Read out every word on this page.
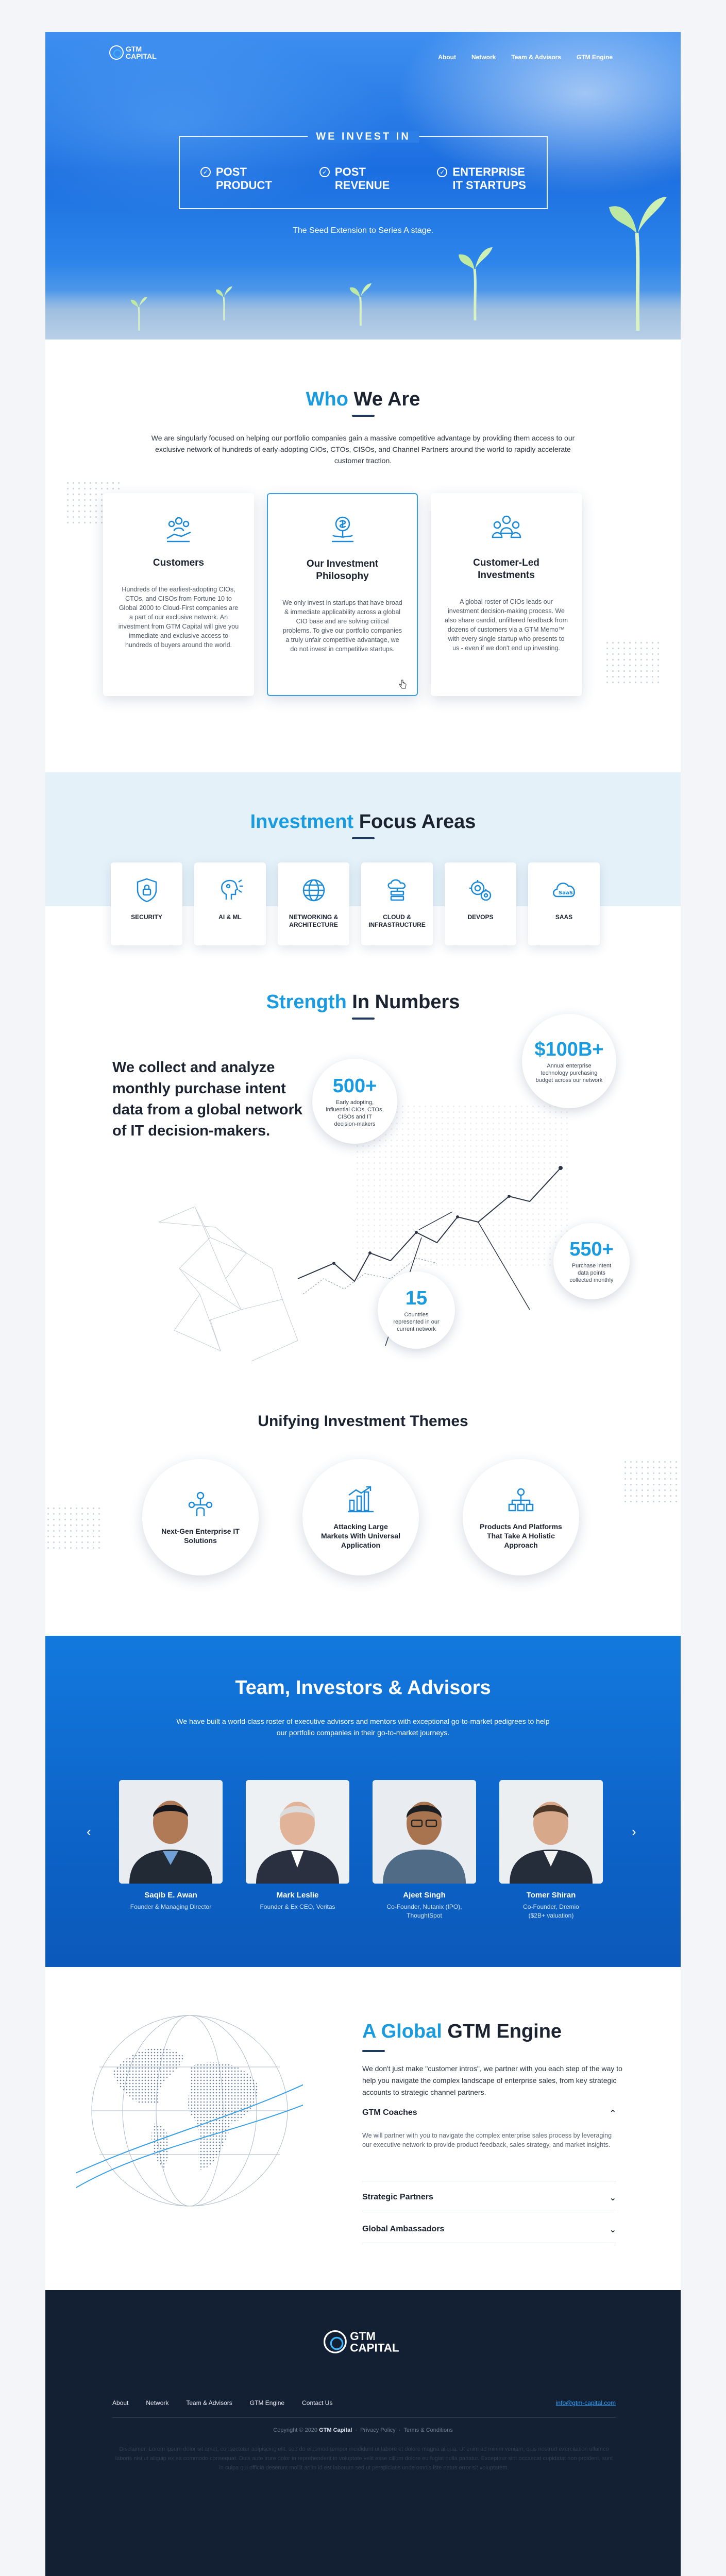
GTM
CAPITAL	About	Network	Team & Advisors	GTM Engine
WE INVEST IN
✓ POST
PRODUCT
✓ POST
REVENUE
✓ ENTERPRISE
IT STARTUPS
The Seed Extension to Series A stage.
Who We Are

We are singularly focused on helping our portfolio companies gain a massive competitive advantage by providing them access to our exclusive network of hundreds of early-adopting CIOs, CTOs, CISOs, and Channel Partners around the world to rapidly accelerate customer traction.

Customers

Hundreds of the earliest-adopting CIOs, CTOs, and CISOs from Fortune 10 to Global 2000 to Cloud-First companies are a part of our exclusive network. An investment from GTM Capital will give you immediate and exclusive access to hundreds of buyers around the world.

Our Investment
Philosophy

We only invest in startups that have broad & immediate applicability across a global CIO base and are solving critical problems. To give our portfolio companies a truly unfair competitive advantage, we do not invest in competitive startups.

Customer-Led
Investments

A global roster of CIOs leads our investment decision-making process. We also share candid, unfiltered feedback from dozens of customers via a GTM Memo™ with every single startup who presents to us - even if we don't end up investing.

Investment Focus Areas
SECURITY	AI & ML	NETWORKING &
ARCHITECTURE
CLOUD &
INFRASTRUCTURE
DEVOPS
SaaS
SAAS
Strength In Numbers

We collect and analyze monthly purchase intent data from a global network of IT decision-makers.

500+
Early adopting, influential CIOs, CTOs, CISOs and IT decision-makers
$100B+
Annual enterprise technology purchasing budget across our network
550+
Purchase intent data points collected monthly
15
Countries represented in our current network
Unifying Investment Themes
Next-Gen Enterprise IT
Solutions
Attacking Large
Markets With Universal
Application
Products And Platforms
That Take A Holistic
Approach
Team, Investors & Advisors

We have built a world-class roster of executive advisors and mentors with exceptional go-to-market pedigrees to help our portfolio companies in their go-to-market journeys.

‹	›
Saqib E. Awan
Founder & Managing Director
Mark Leslie
Founder & Ex CEO, Veritas
Ajeet Singh
Co-Founder, Nutanix (IPO),
ThoughtSpot
Tomer Shiran
Co-Founder, Dremio
($2B+ valuation)
A Global GTM Engine

We don't just make "customer intros", we partner with you each step of the way to help you navigate the complex landscape of enterprise sales, from key strategic accounts to strategic channel partners.

GTM Coaches	⌃
We will partner with you to navigate the complex enterprise sales process by leveraging our executive network to provide product feedback, sales strategy, and market insights.
Strategic Partners	⌄
Global Ambassadors	⌄
GTM
CAPITAL
About	Network	Team & Advisors	GTM Engine	Contact Us	info@gtm-capital.com
Copyright © 2020 GTM Capital  ·  Privacy Policy  ·  Terms & Conditions

Disclaimer: Lorem ipsum dolor sit amet, consectetur adipiscing elit, sed do eiusmod tempor incididunt ut labore et dolore magna aliqua. Ut enim ad minim veniam, quis nostrud exercitation ullamco laboris nisi ut aliquip ex ea commodo consequat. Duis aute irure dolor in reprehenderit in voluptate velit esse cillum dolore eu fugiat nulla pariatur. Excepteur sint occaecat cupidatat non proident, sunt in culpa qui officia deserunt mollit anim id est laborum sed ut perspiciatis unde omnis iste natus error sit voluptatem.
